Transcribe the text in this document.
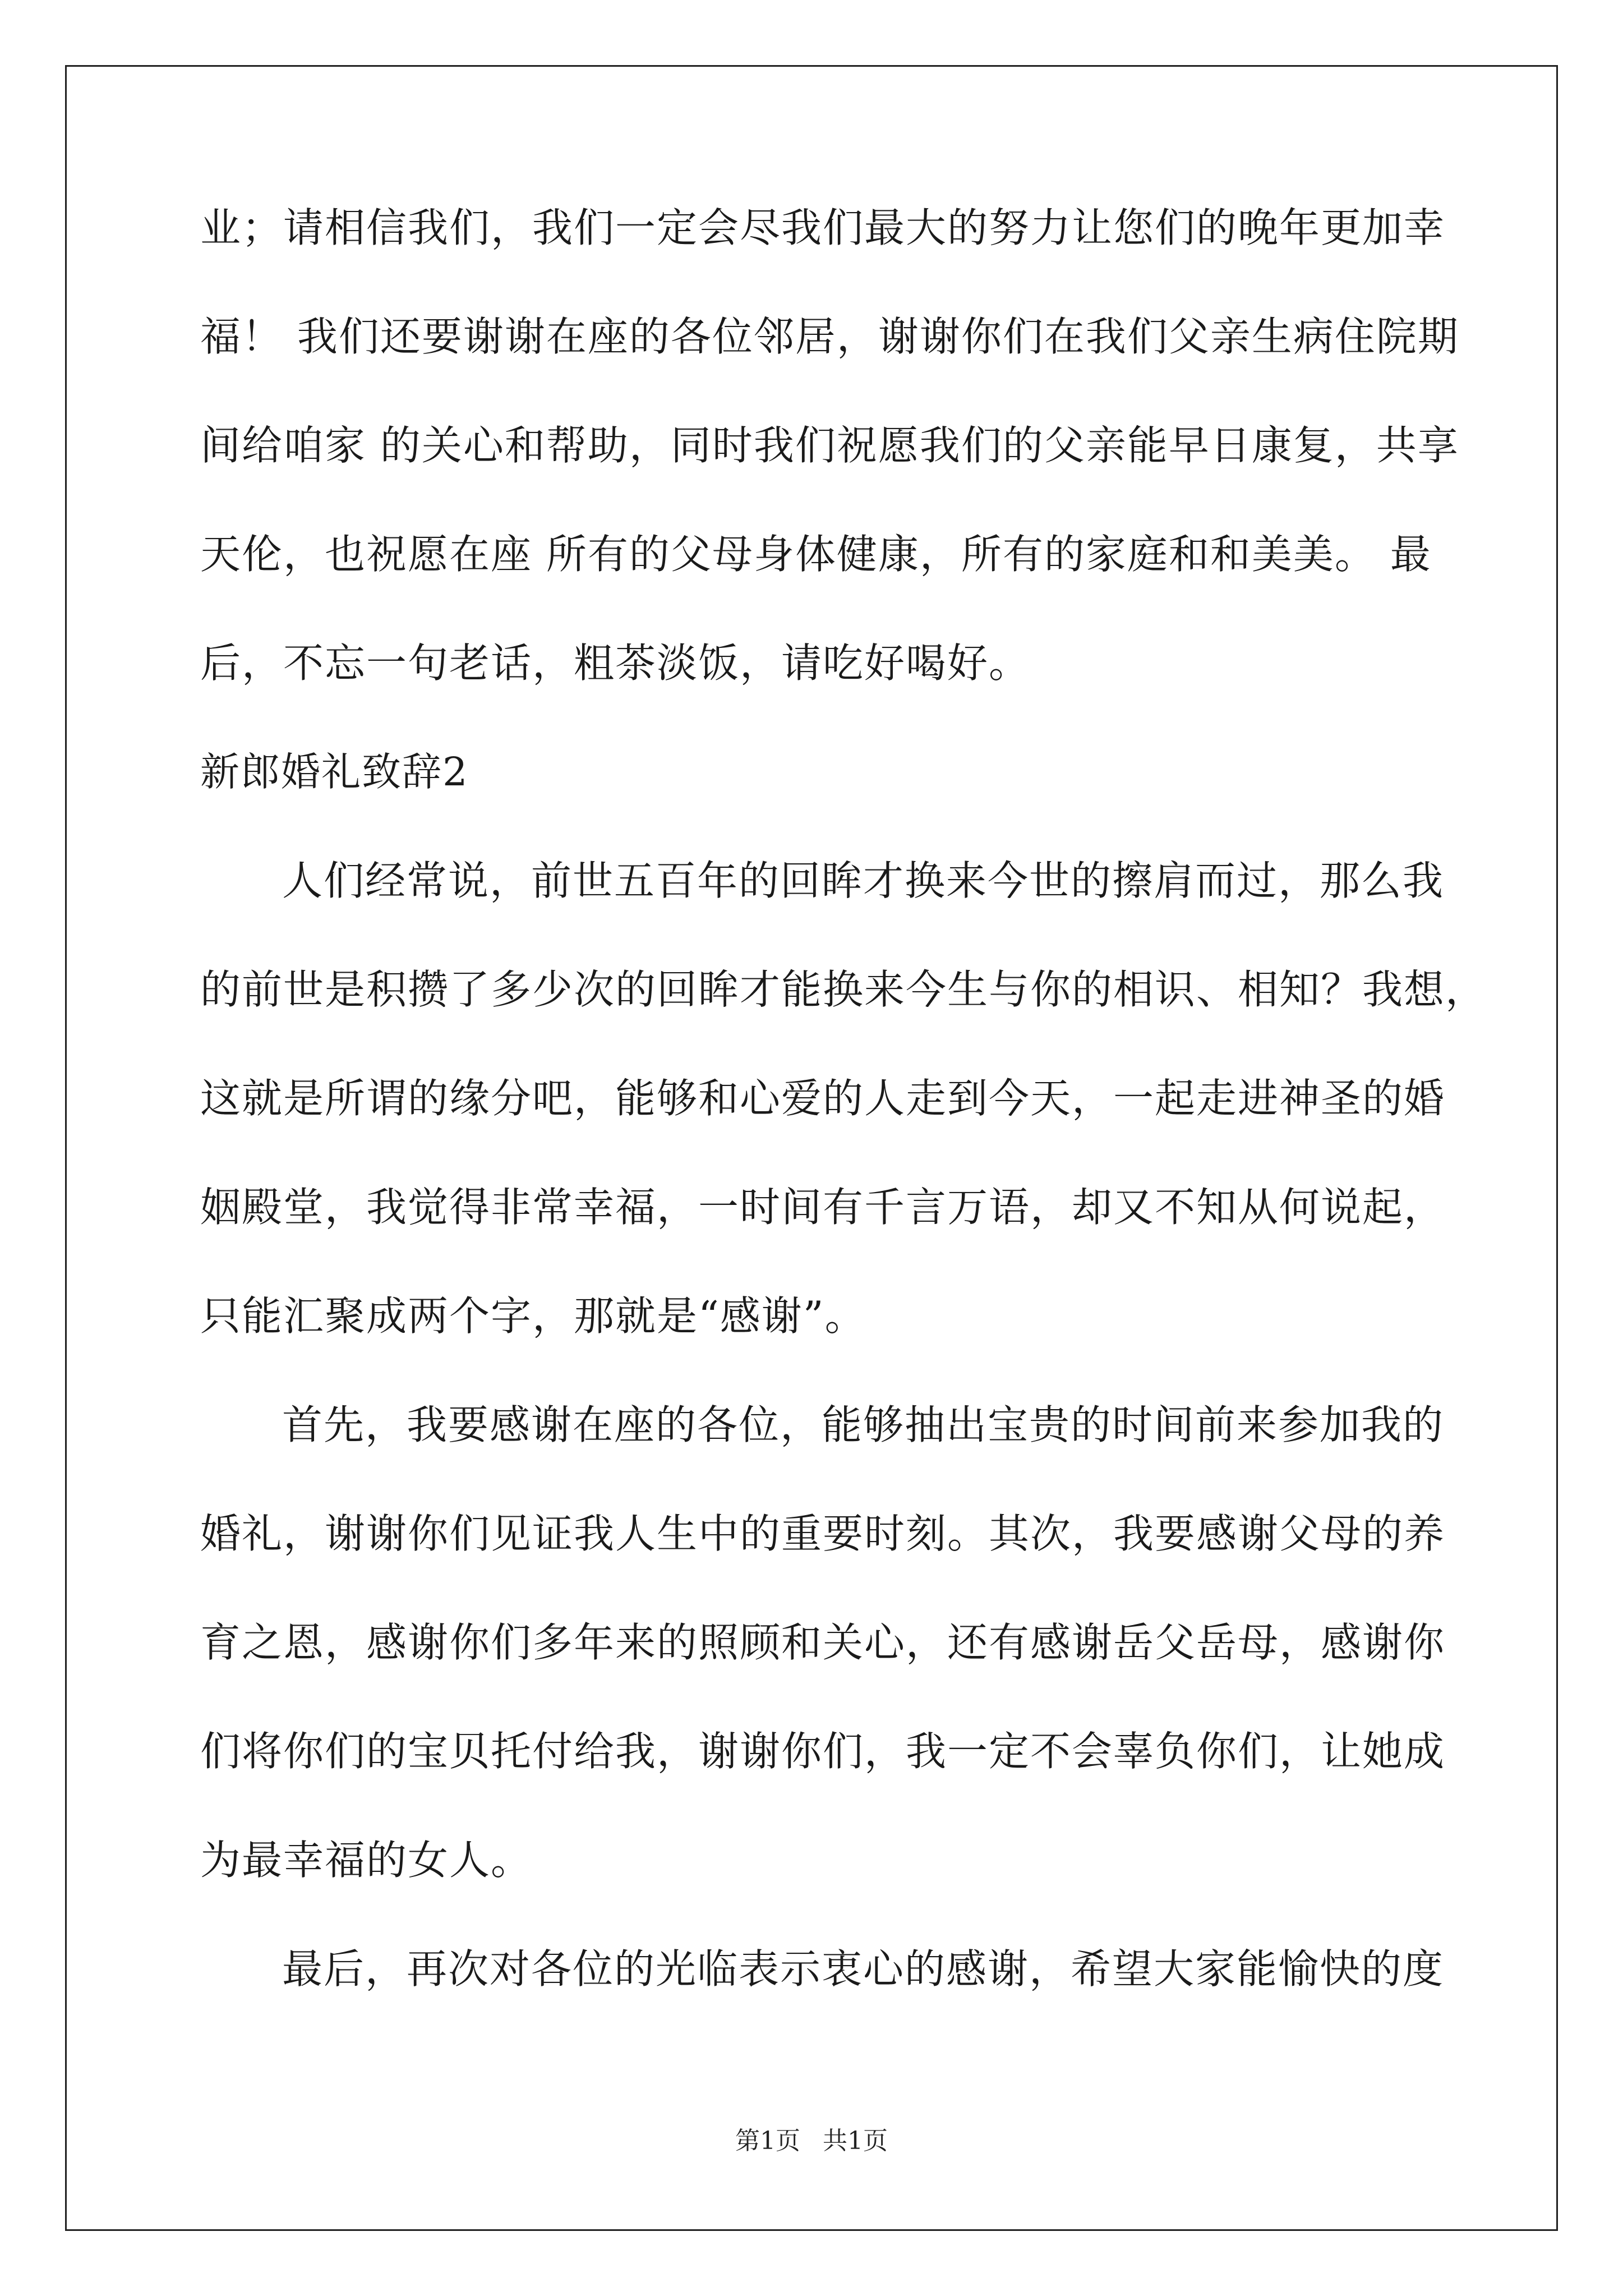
业；请相信我们，我们一定会尽我们最大的努力让您们的晚年更加幸
福！ 我们还要谢谢在座的各位邻居，谢谢你们在我们父亲生病住院期
间给咱家 的关心和帮助，同时我们祝愿我们的父亲能早日康复，共享
天伦，也祝愿在座 所有的父母身体健康，所有的家庭和和美美。 最
后，不忘一句老话，粗茶淡饭，请吃好喝好。
新郎婚礼致辞2
人们经常说，前世五百年的回眸才换来今世的擦肩而过，那么我
的前世是积攒了多少次的回眸才能换来今生与你的相识、相知？我想，
这就是所谓的缘分吧，能够和心爱的人走到今天，一起走进神圣的婚
姻殿堂，我觉得非常幸福，一时间有千言万语，却又不知从何说起，
只能汇聚成两个字，那就是“感谢”。
首先，我要感谢在座的各位，能够抽出宝贵的时间前来参加我的
婚礼，谢谢你们见证我人生中的重要时刻。其次，我要感谢父母的养
育之恩，感谢你们多年来的照顾和关心，还有感谢岳父岳母，感谢你
们将你们的宝贝托付给我，谢谢你们，我一定不会辜负你们，让她成
为最幸福的女人。
最后，再次对各位的光临表示衷心的感谢，希望大家能愉快的度
第1页 共1页
